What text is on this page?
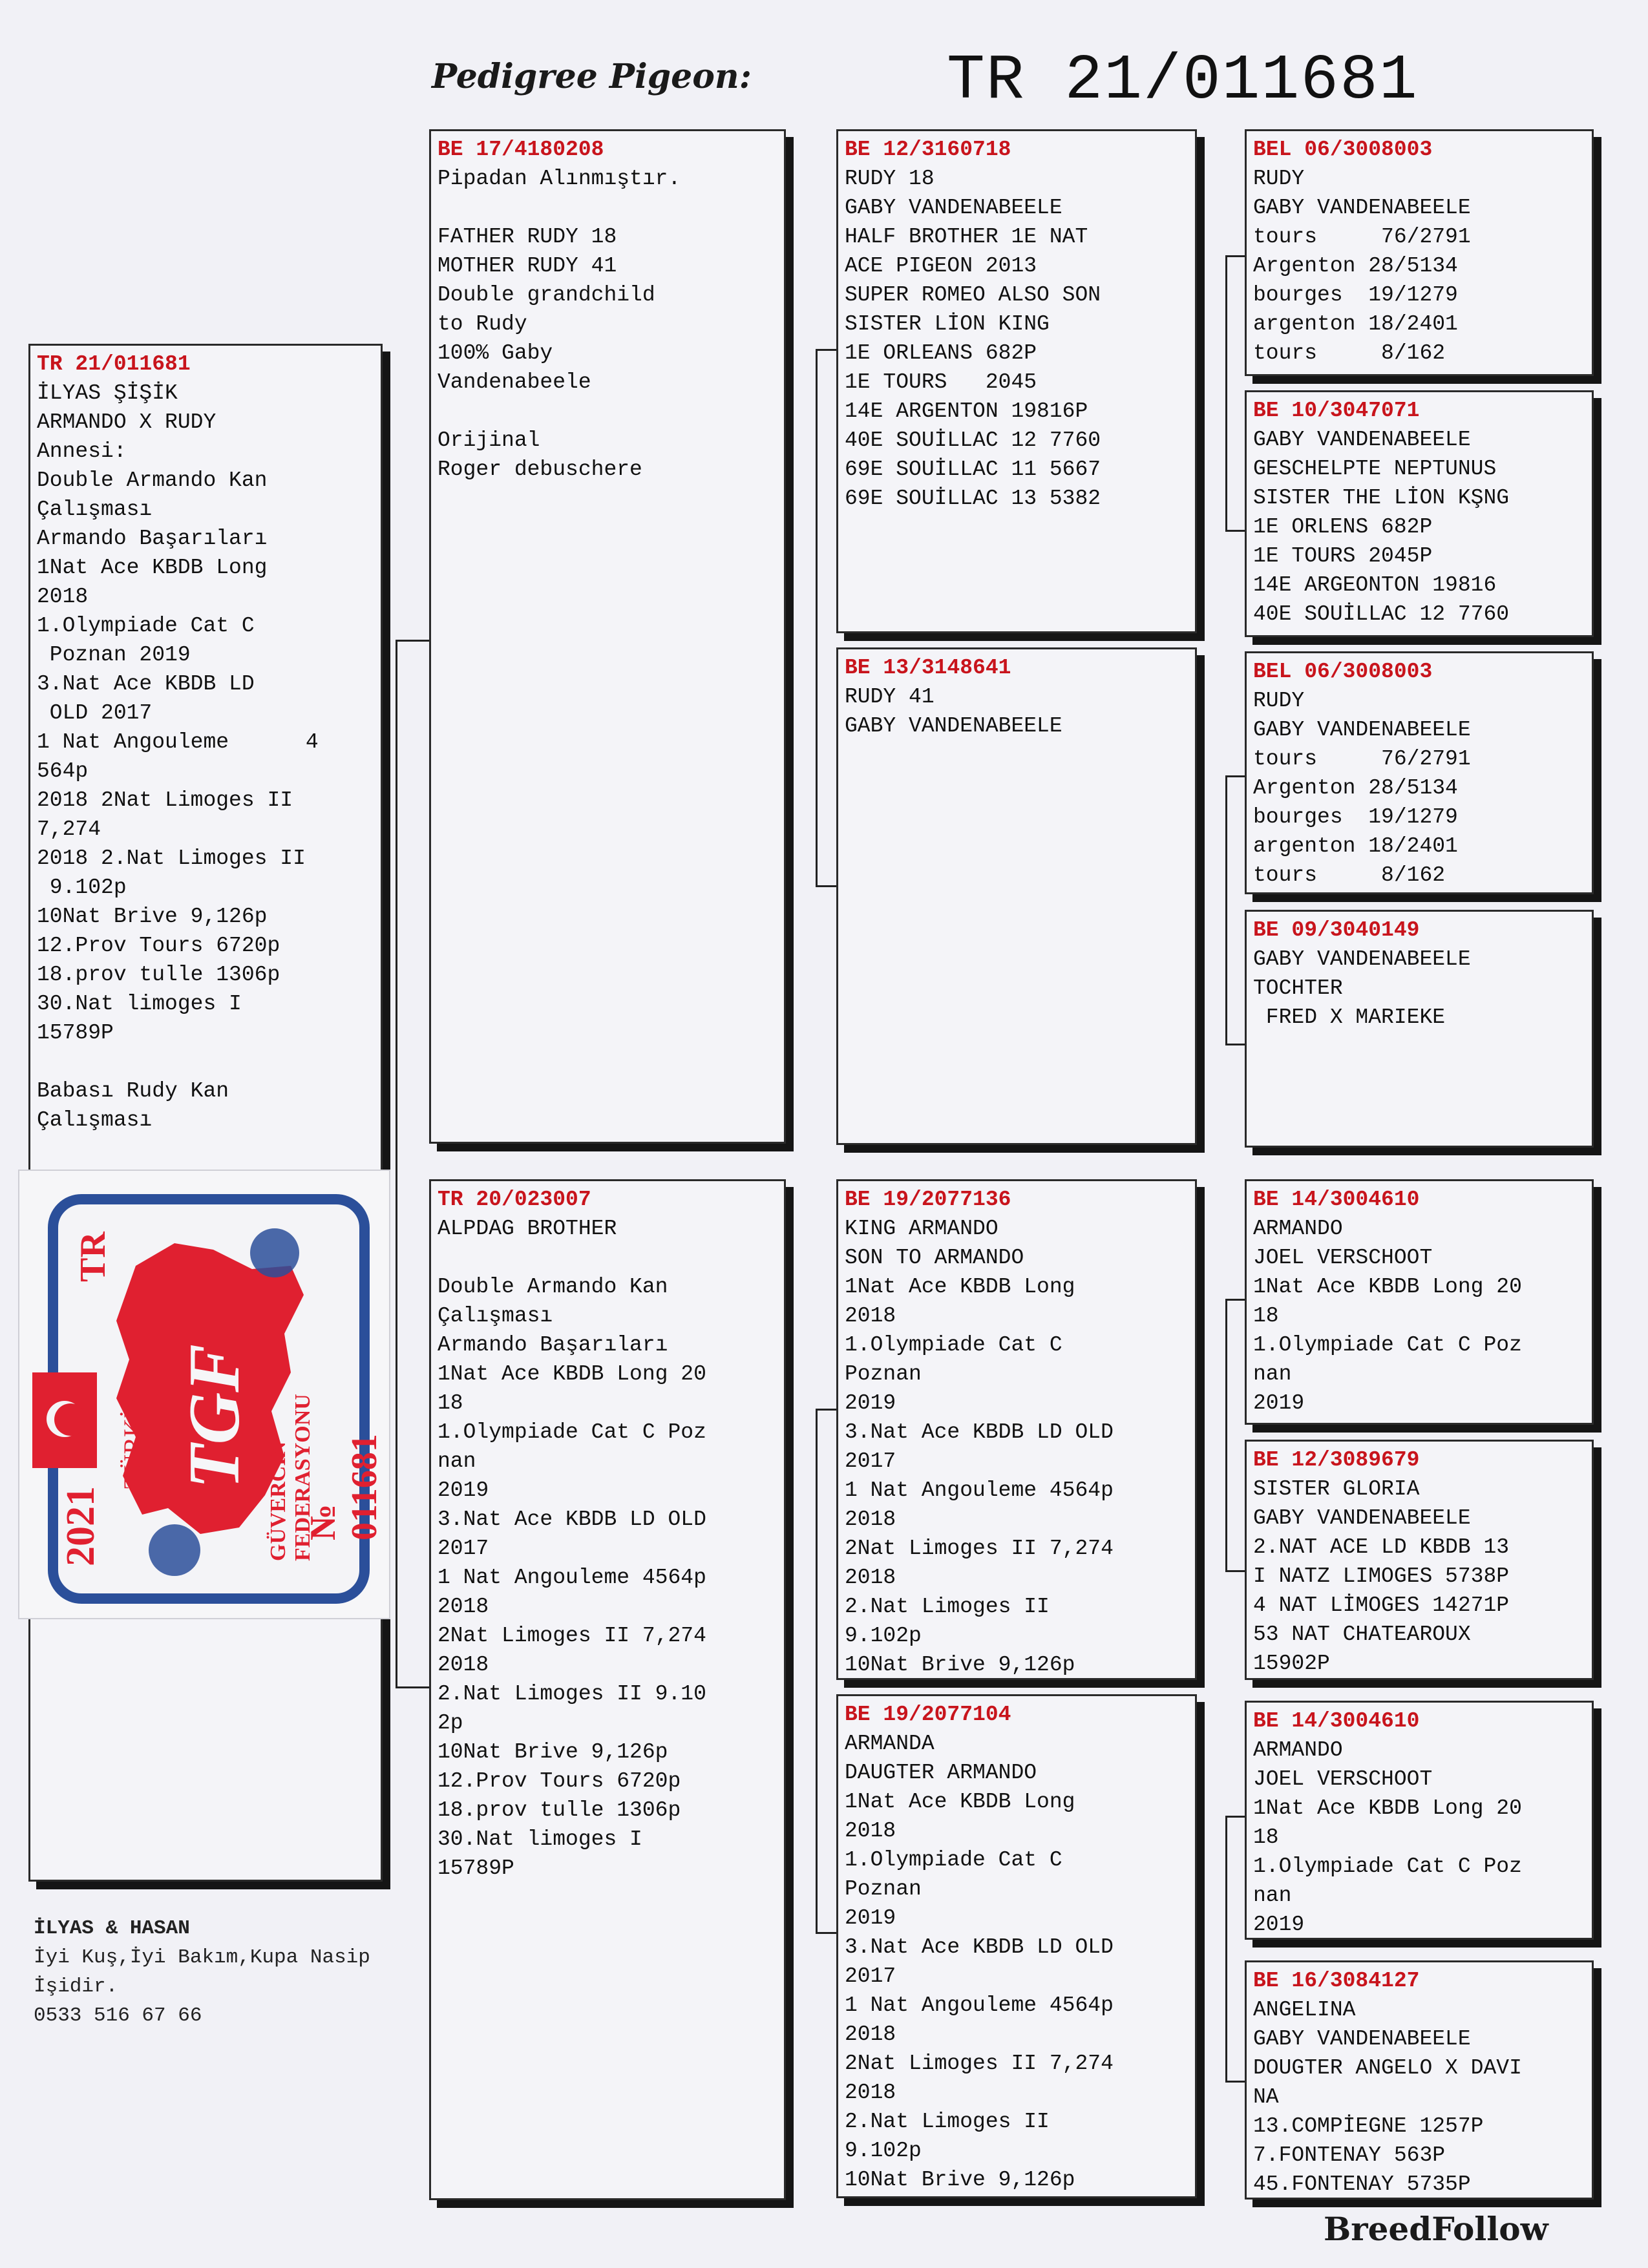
Pedigree Pigeon:	TR 21/011681
TR 21/011681
İLYAS ŞİŞİK
ARMANDO X RUDY
Annesi:
Double Armando Kan
Çalışması
Armando Başarıları
1Nat Ace KBDB Long
2018
1.Olympiade Cat C
Poznan 2019
3.Nat Ace KBDB LD
OLD 2017
1 Nat Angouleme      4
564p
2018 2Nat Limoges II
7,274
2018 2.Nat Limoges II
9.102p
10Nat Brive 9,126p
12.Prov Tours 6720p
18.prov tulle 1306p
30.Nat limoges I
15789P
Babası Rudy Kan
Çalışması
TR
2021
TÜRKİYE TGF
GÜVERCİN FEDERASYONU
№ 011681
İLYAS & HASAN
İyi Kuş,İyi Bakım,Kupa Nasip
İşidir.
0533 516 67 66
BE 17/4180208
Pipadan Alınmıştır.
FATHER RUDY 18
MOTHER RUDY 41
Double grandchild
to Rudy
100% Gaby
Vandenabeele
Orijinal
Roger debuschere
TR 20/023007
ALPDAG BROTHER
Double Armando Kan
Çalışması
Armando Başarıları
1Nat Ace KBDB Long 20
18
1.Olympiade Cat C Poz
nan
2019
3.Nat Ace KBDB LD OLD
2017
1 Nat Angouleme 4564p
2018
2Nat Limoges II 7,274
2018
2.Nat Limoges II 9.10
2p
10Nat Brive 9,126p
12.Prov Tours 6720p
18.prov tulle 1306p
30.Nat limoges I
15789P
BE 12/3160718
RUDY 18
GABY VANDENABEELE
HALF BROTHER 1E NAT
ACE PIGEON 2013
SUPER ROMEO ALSO SON
SISTER LİON KING
1E ORLEANS 682P
1E TOURS   2045
14E ARGENTON 19816P
40E SOUİLLAC 12 7760
69E SOUİLLAC 11 5667
69E SOUİLLAC 13 5382
BE 13/3148641
RUDY 41
GABY VANDENABEELE
BE 19/2077136
KING ARMANDO
SON TO ARMANDO
1Nat Ace KBDB Long
2018
1.Olympiade Cat C
Poznan
2019
3.Nat Ace KBDB LD OLD
2017
1 Nat Angouleme 4564p
2018
2Nat Limoges II 7,274
2018
2.Nat Limoges II
9.102p
10Nat Brive 9,126p
BE 19/2077104
ARMANDA
DAUGTER ARMANDO
1Nat Ace KBDB Long
2018
1.Olympiade Cat C
Poznan
2019
3.Nat Ace KBDB LD OLD
2017
1 Nat Angouleme 4564p
2018
2Nat Limoges II 7,274
2018
2.Nat Limoges II
9.102p
10Nat Brive 9,126p
BEL 06/3008003
RUDY
GABY VANDENABEELE
tours     76/2791
Argenton 28/5134
bourges  19/1279
argenton 18/2401
tours     8/162
BE 10/3047071
GABY VANDENABEELE
GESCHELPTE NEPTUNUS
SISTER THE LİON KŞNG
1E ORLENS 682P
1E TOURS 2045P
14E ARGEONTON 19816
40E SOUİLLAC 12 7760
BEL 06/3008003
RUDY
GABY VANDENABEELE
tours     76/2791
Argenton 28/5134
bourges  19/1279
argenton 18/2401
tours     8/162
BE 09/3040149
GABY VANDENABEELE
TOCHTER
FRED X MARIEKE
BE 14/3004610
ARMANDO
JOEL VERSCHOOT
1Nat Ace KBDB Long 20
18
1.Olympiade Cat C Poz
nan
2019
BE 12/3089679
SISTER GLORIA
GABY VANDENABEELE
2.NAT ACE LD KBDB 13
I NATZ LIMOGES 5738P
4 NAT LİMOGES 14271P
53 NAT CHATEAROUX
15902P
BE 14/3004610
ARMANDO
JOEL VERSCHOOT
1Nat Ace KBDB Long 20
18
1.Olympiade Cat C Poz
nan
2019
BE 16/3084127
ANGELINA
GABY VANDENABEELE
DOUGTER ANGELO X DAVI
NA
13.COMPİEGNE 1257P
7.FONTENAY 563P
45.FONTENAY 5735P
BreedFollow
